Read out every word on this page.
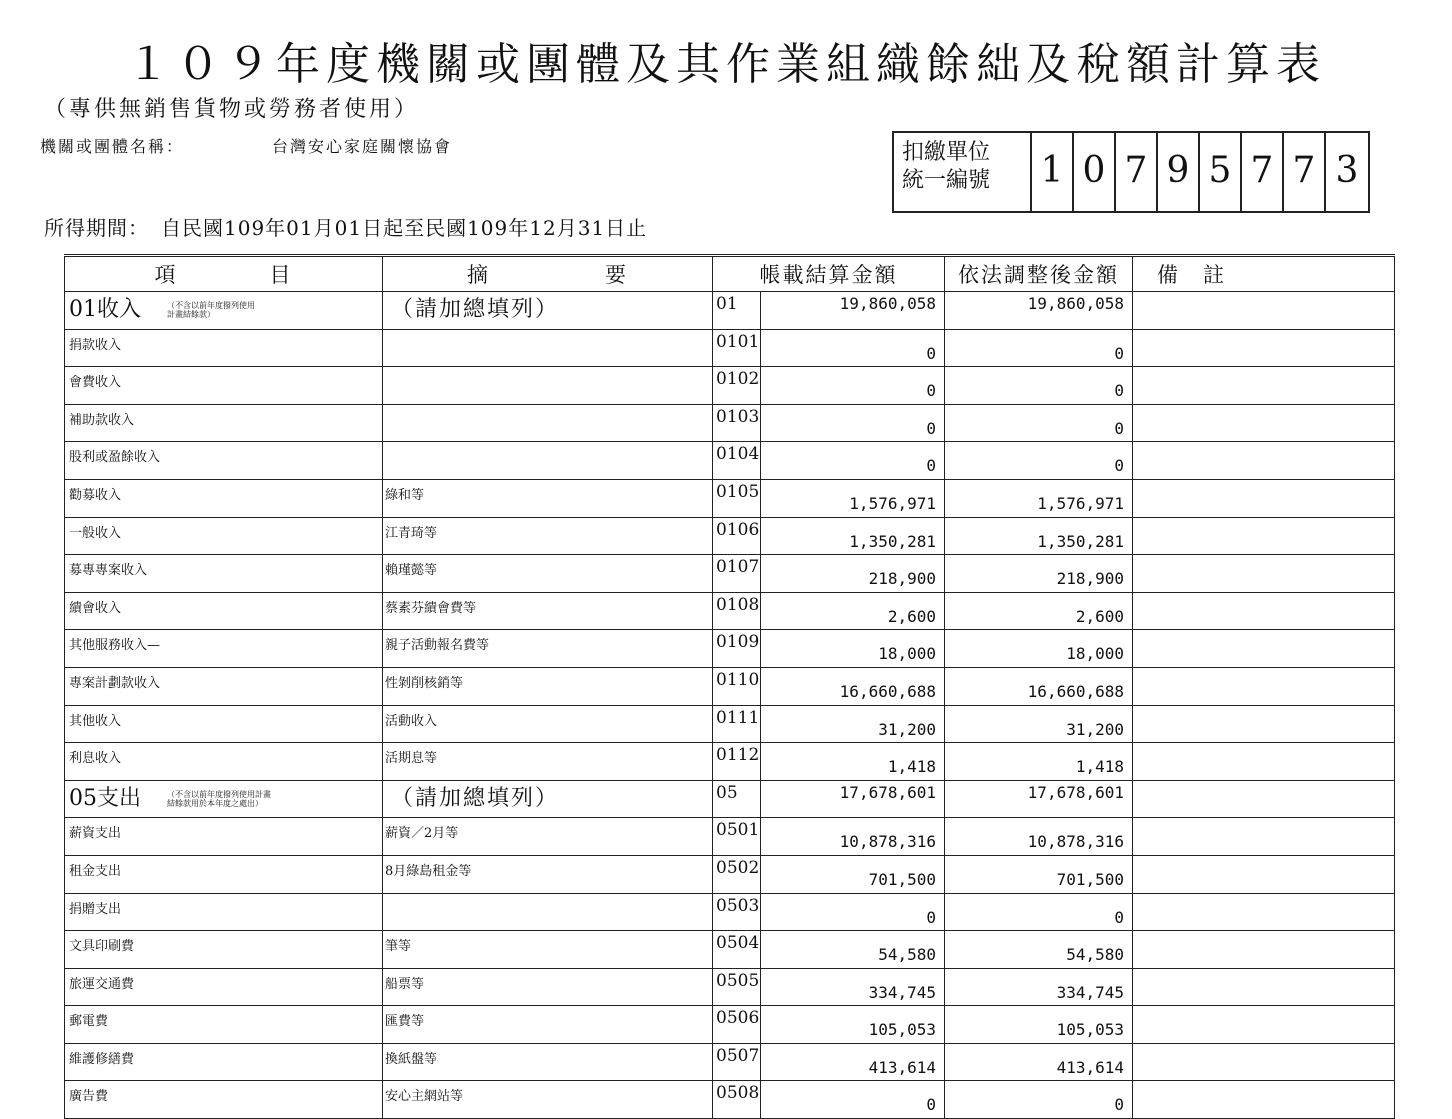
１０９年度機關或團體及其作業組織餘絀及稅額計算表
（專供無銷售貨物或勞務者使用）
機關或團體名稱：	台灣安心家庭關懷協會	扣繳單位
統一編號	1 0 7 9 5 7 7 3
所得期間： 自民國109年01月01日起至民國109年12月31日止
項　　　　目	摘　　　　　要	帳載結算金額		依法調整後金額	備　註
01收入 （不含以前年度撥列使用
計畫結餘款）	（請加總填列）	01	19,860,058	19,860,058	
捐款收入		0101	0	0	
會費收入		0102	0	0	
補助款收入		0103	0	0	
股利或盈餘收入		0104	0	0	
勸募收入	綠和等	0105	1,576,971	1,576,971	
一般收入	江青琦等	0106	1,350,281	1,350,281	
募專專案收入	賴瑾懿等	0107	218,900	218,900	
繢會收入	蔡素芬繢會費等	0108	2,600	2,600	
其他服務收入—	親子活動報名費等	0109	18,000	18,000	
專案計劃款收入	性剝削核銷等	0110	16,660,688	16,660,688	
其他收入	活動收入	0111	31,200	31,200	
利息收入	活期息等	0112	1,418	1,418	
05支出 （不含以前年度撥列使用計畫
結餘款用於本年度之處出）	（請加總填列）	05	17,678,601	17,678,601	
薪資支出	薪資／2月等	0501	10,878,316	10,878,316	
租金支出	8月綠島租金等	0502	701,500	701,500	
捐贈支出		0503	0	0	
文具印刷費	筆等	0504	54,580	54,580	
旅運交通費	船票等	0505	334,745	334,745	
郵電費	匯費等	0506	105,053	105,053	
維護修繕費	換紙盤等	0507	413,614	413,614	
廣告費	安心主網站等	0508	0	0	
